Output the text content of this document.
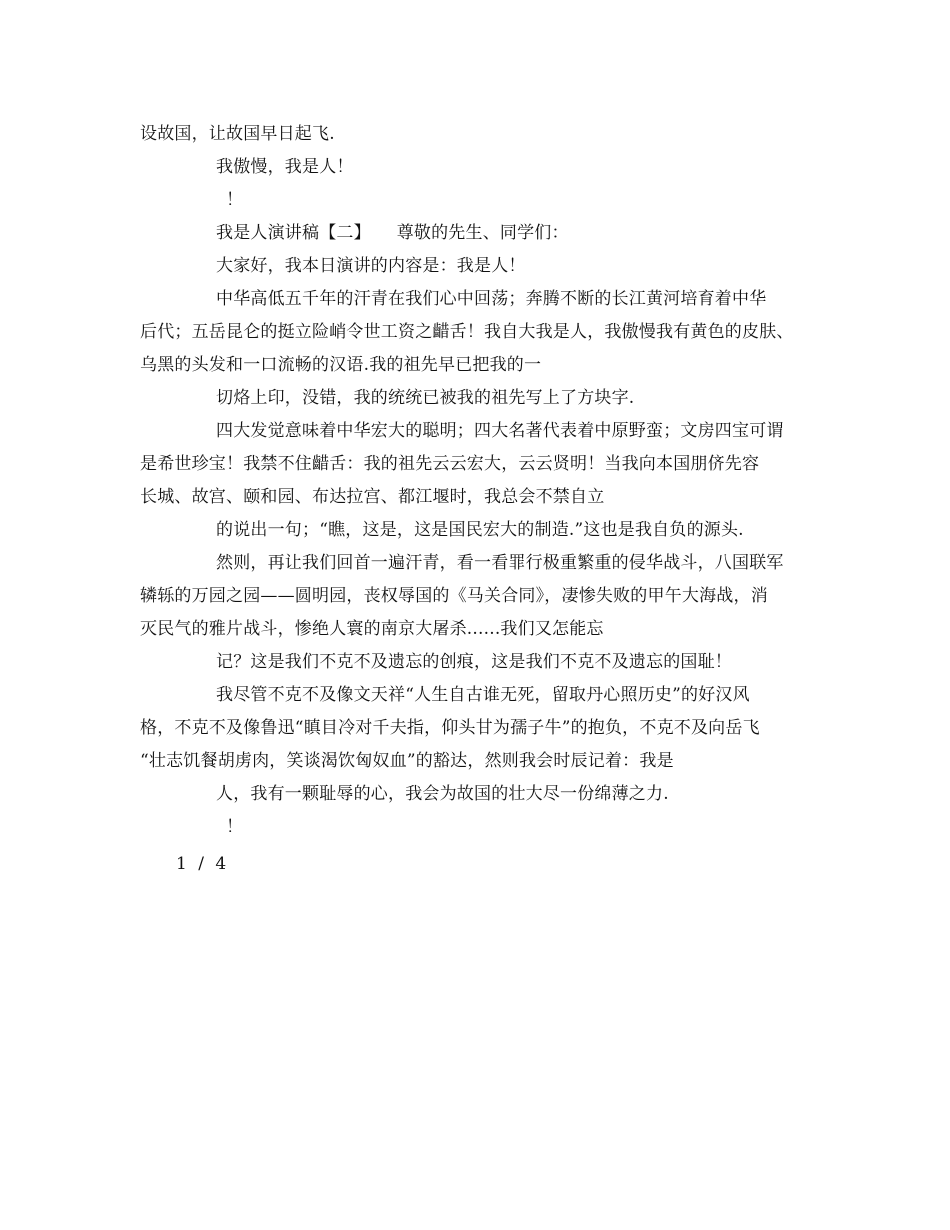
设故国，让故国早日起飞.
我傲慢，我是人！
！
我是人演讲稿【二】　　尊敬的先生、同学们：
大家好，我本日演讲的内容是：我是人！
中华高低五千年的汗青在我们心中回荡；奔腾不断的长江黄河培育着中华
后代；五岳昆仑的挺立险峭令世工资之齰舌！我自大我是人，我傲慢我有黄色的皮肤、
乌黑的头发和一口流畅的汉语.我的祖先早已把我的一
切烙上印，没错，我的统统已被我的祖先写上了方块字.
四大发觉意味着中华宏大的聪明；四大名著代表着中原野蛮；文房四宝可谓
是希世珍宝！我禁不住齰舌：我的祖先云云宏大，云云贤明！当我向本国朋侪先容
长城、故宫、颐和园、布达拉宫、都江堰时，我总会不禁自立
的说出一句；“瞧，这是，这是国民宏大的制造.”这也是我自负的源头.
然则，再让我们回首一遍汗青，看一看罪行极重繁重的侵华战斗，八国联军
辚轹的万园之园——圆明园，丧权辱国的《马关合同》，凄惨失败的甲午大海战，消
灭民气的雅片战斗，惨绝人寰的南京大屠杀......我们又怎能忘
记？这是我们不克不及遗忘的创痕，这是我们不克不及遗忘的国耻！
我尽管不克不及像文天祥“人生自古谁无死，留取丹心照历史”的好汉风
格，不克不及像鲁迅“瞋目冷对千夫指，仰头甘为孺子牛”的抱负，不克不及向岳飞
“壮志饥餐胡虏肉，笑谈渴饮匈奴血”的豁达，然则我会时辰记着：我是
人，我有一颗耻辱的心，我会为故国的壮大尽一份绵薄之力.
！
1 / 4
